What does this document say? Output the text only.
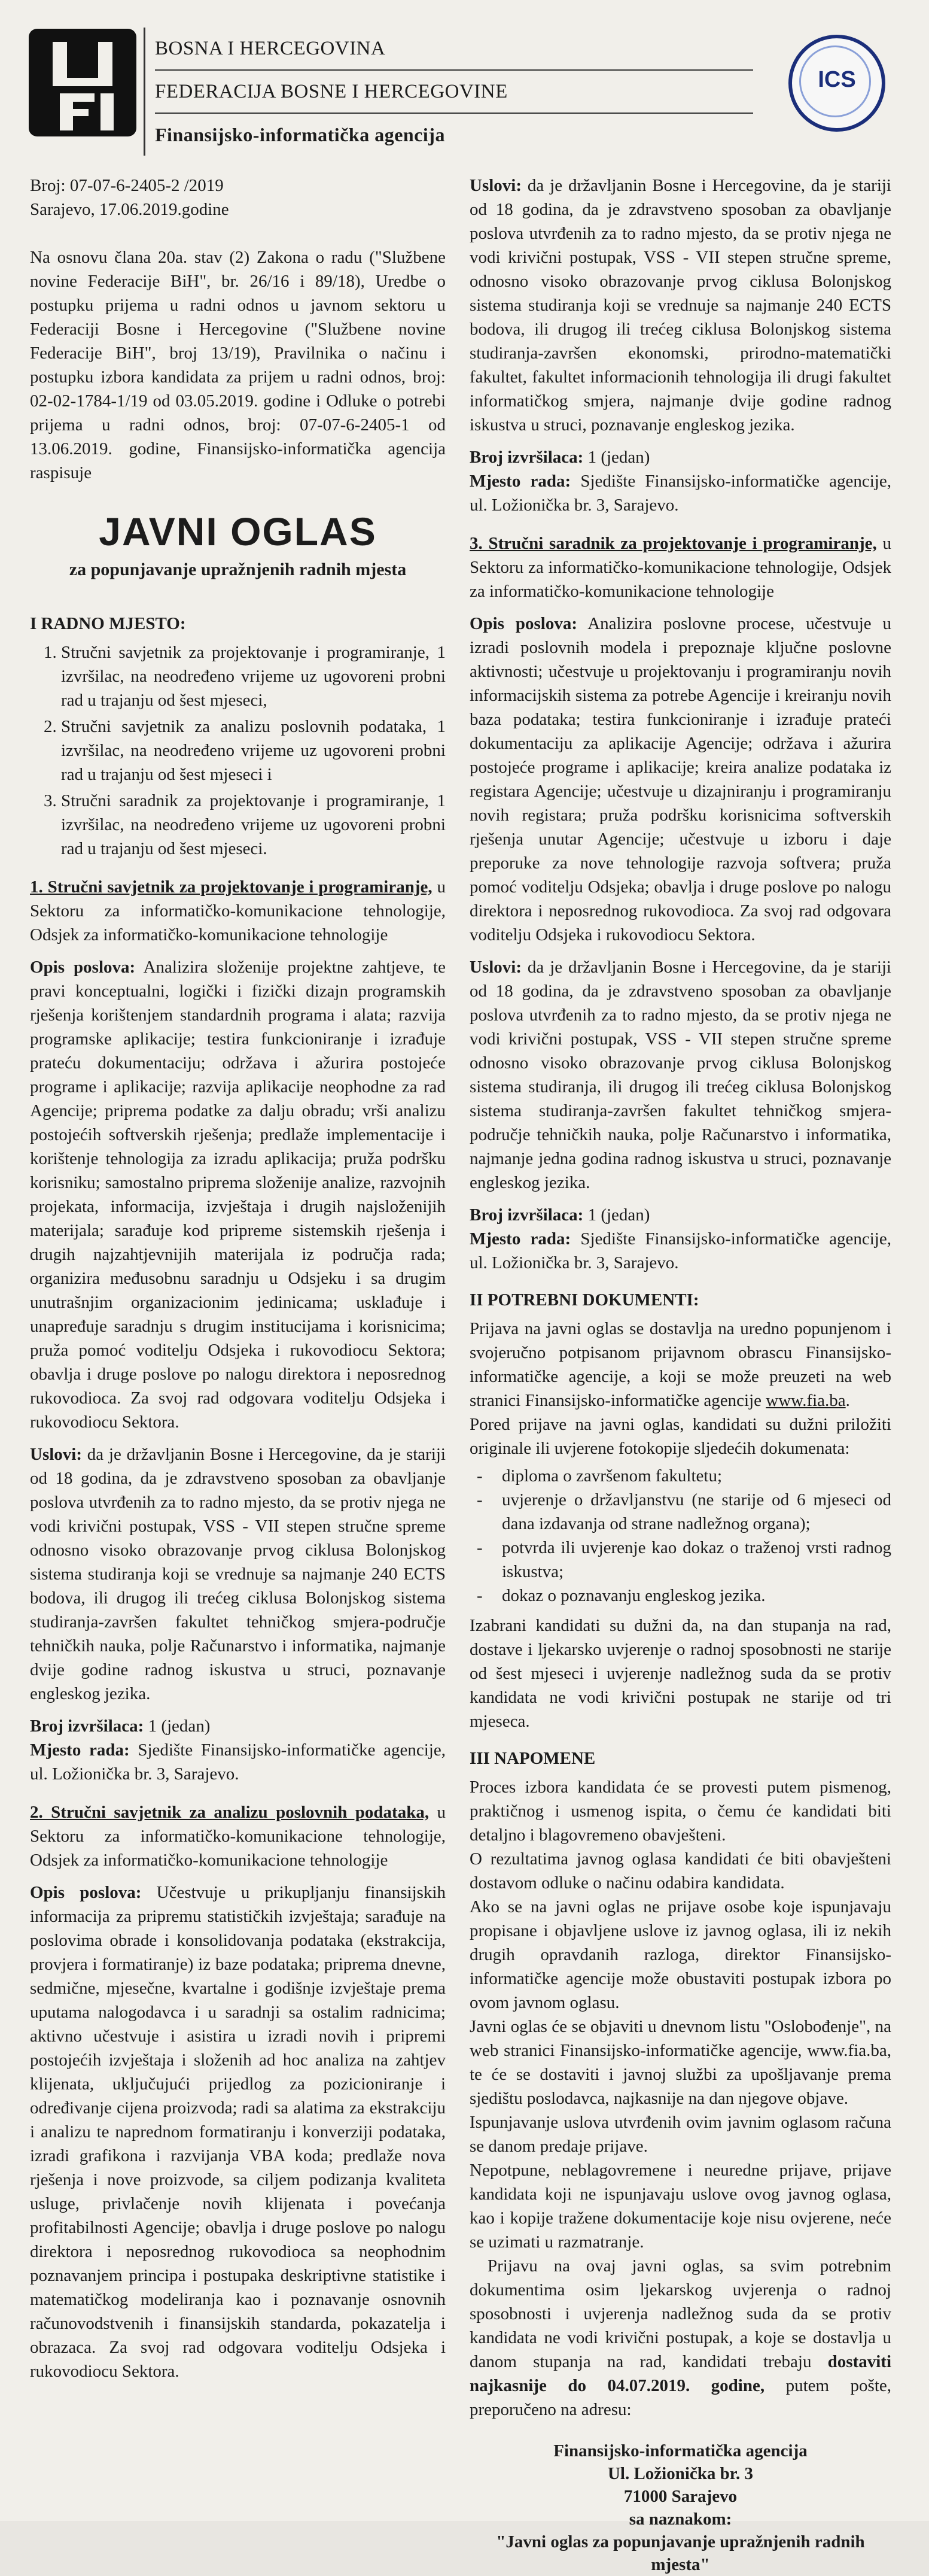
BOSNA I HERCEGOVINA
FEDERACIJA BOSNE I HERCEGOVINE
Finansijsko-informatička agencija
ICS

Broj: 07-07-6-2405-2 /2019

Sarajevo, 17.06.2019.godine

Na osnovu člana 20a. stav (2) Zakona o radu ("Službene novine Federacije BiH", br. 26/16 i 89/18), Uredbe o postupku prijema u radni odnos u javnom sektoru u Federaciji Bosne i Hercegovine ("Službene novine Federacije BiH", broj 13/19), Pravilnika o načinu i postupku izbora kandidata za prijem u radni odnos, broj: 02-02-1784-1/19 od 03.05.2019. godine i Odluke o potrebi prijema u radni odnos, broj: 07-07-6-2405-1 od 13.06.2019. godine, Finansijsko-informatička agencija raspisuje

JAVNI OGLAS
za popunjavanje upražnjenih radnih mjesta
I RADNO MJESTO:
1. Stručni savjetnik za projektovanje i programiranje, 1 izvršilac, na neodređeno vrijeme uz ugovoreni probni rad u trajanju od šest mjeseci,
2. Stručni savjetnik za analizu poslovnih podataka, 1 izvršilac, na neodređeno vrijeme uz ugovoreni probni rad u trajanju od šest mjeseci i
3. Stručni saradnik za projektovanje i programiranje, 1 izvršilac, na neodređeno vrijeme uz ugovoreni probni rad u trajanju od šest mjeseci.

1. Stručni savjetnik za projektovanje i programiranje, u Sektoru za informatičko-komunikacione tehnologije, Odsjek za informatičko-komunikacione tehnologije

Opis poslova: Analizira složenije projektne zahtjeve, te pravi konceptualni, logički i fizički dizajn programskih rješenja korištenjem standardnih programa i alata; razvija programske aplikacije; testira funkcioniranje i izrađuje prateću dokumentaciju; održava i ažurira postojeće programe i aplikacije; razvija aplikacije neophodne za rad Agencije; priprema podatke za dalju obradu; vrši analizu postojećih softverskih rješenja; predlaže implementacije i korištenje tehnologija za izradu aplikacija; pruža podršku korisniku; samostalno priprema složenije analize, razvojnih projekata, informacija, izvještaja i drugih najsloženijih materijala; sarađuje kod pripreme sistemskih rješenja i drugih najzahtjevnijih materijala iz područja rada; organizira međusobnu saradnju u Odsjeku i sa drugim unutrašnjim organizacionim jedinicama; usklađuje i unapređuje saradnju s drugim institucijama i korisnicima; pruža pomoć voditelju Odsjeka i rukovodiocu Sektora; obavlja i druge poslove po nalogu direktora i neposrednog rukovodioca. Za svoj rad odgovara voditelju Odsjeka i rukovodiocu Sektora.

Uslovi: da je državljanin Bosne i Hercegovine, da je stariji od 18 godina, da je zdravstveno sposoban za obavljanje poslova utvrđenih za to radno mjesto, da se protiv njega ne vodi krivični postupak, VSS - VII stepen stručne spreme odnosno visoko obrazovanje prvog ciklusa Bolonjskog sistema studiranja koji se vrednuje sa najmanje 240 ECTS bodova, ili drugog ili trećeg ciklusa Bolonjskog sistema studiranja-završen fakultet tehničkog smjera-područje tehničkih nauka, polje Računarstvo i informatika, najmanje dvije godine radnog iskustva u struci, poznavanje engleskog jezika.

Broj izvršilaca: 1 (jedan)

Mjesto rada: Sjedište Finansijsko-informatičke agencije, ul. Ložionička br. 3, Sarajevo.

2. Stručni savjetnik za analizu poslovnih podataka, u Sektoru za informatičko-komunikacione tehnologije, Odsjek za informatičko-komunikacione tehnologije

Opis poslova: Učestvuje u prikupljanju finansijskih informacija za pripremu statističkih izvještaja; sarađuje na poslovima obrade i konsolidovanja podataka (ekstrakcija, provjera i formatiranje) iz baze podataka; priprema dnevne, sedmične, mjesečne, kvartalne i godišnje izvještaje prema uputama nalogodavca i u saradnji sa ostalim radnicima; aktivno učestvuje i asistira u izradi novih i pripremi postojećih izvještaja i složenih ad hoc analiza na zahtjev klijenata, uključujući prijedlog za pozicioniranje i određivanje cijena proizvoda; radi sa alatima za ekstrakciju i analizu te naprednom formatiranju i konverziji podataka, izradi grafikona i razvijanja VBA koda; predlaže nova rješenja i nove proizvode, sa ciljem podizanja kvaliteta usluge, privlačenje novih klijenata i povećanja profitabilnosti Agencije; obavlja i druge poslove po nalogu direktora i neposrednog rukovodioca sa neophodnim poznavanjem principa i postupaka deskriptivne statistike i matematičkog modeliranja kao i poznavanje osnovnih računovodstvenih i finansijskih standarda, pokazatelja i obrazaca. Za svoj rad odgovara voditelju Odsjeka i rukovodiocu Sektora.

Uslovi: da je državljanin Bosne i Hercegovine, da je stariji od 18 godina, da je zdravstveno sposoban za obavljanje poslova utvrđenih za to radno mjesto, da se protiv njega ne vodi krivični postupak, VSS - VII stepen stručne spreme, odnosno visoko obrazovanje prvog ciklusa Bolonjskog sistema studiranja koji se vrednuje sa najmanje 240 ECTS bodova, ili drugog ili trećeg ciklusa Bolonjskog sistema studiranja-završen ekonomski, prirodno-matematički fakultet, fakultet informacionih tehnologija ili drugi fakultet informatičkog smjera, najmanje dvije godine radnog iskustva u struci, poznavanje engleskog jezika.

Broj izvršilaca: 1 (jedan)

Mjesto rada: Sjedište Finansijsko-informatičke agencije, ul. Ložionička br. 3, Sarajevo.

3. Stručni saradnik za projektovanje i programiranje, u Sektoru za informatičko-komunikacione tehnologije, Odsjek za informatičko-komunikacione tehnologije

Opis poslova: Analizira poslovne procese, učestvuje u izradi poslovnih modela i prepoznaje ključne poslovne aktivnosti; učestvuje u projektovanju i programiranju novih informacijskih sistema za potrebe Agencije i kreiranju novih baza podataka; testira funkcioniranje i izrađuje prateći dokumentaciju za aplikacije Agencije; održava i ažurira postojeće programe i aplikacije; kreira analize podataka iz registara Agencije; učestvuje u dizajniranju i programiranju novih registara; pruža podršku korisnicima softverskih rješenja unutar Agencije; učestvuje u izboru i daje preporuke za nove tehnologije razvoja softvera; pruža pomoć voditelju Odsjeka; obavlja i druge poslove po nalogu direktora i neposrednog rukovodioca. Za svoj rad odgovara voditelju Odsjeka i rukovodiocu Sektora.

Uslovi: da je državljanin Bosne i Hercegovine, da je stariji od 18 godina, da je zdravstveno sposoban za obavljanje poslova utvrđenih za to radno mjesto, da se protiv njega ne vodi krivični postupak, VSS - VII stepen stručne spreme odnosno visoko obrazovanje prvog ciklusa Bolonjskog sistema studiranja, ili drugog ili trećeg ciklusa Bolonjskog sistema studiranja-završen fakultet tehničkog smjera-područje tehničkih nauka, polje Računarstvo i informatika, najmanje jedna godina radnog iskustva u struci, poznavanje engleskog jezika.

Broj izvršilaca: 1 (jedan)

Mjesto rada: Sjedište Finansijsko-informatičke agencije, ul. Ložionička br. 3, Sarajevo.

II POTREBNI DOKUMENTI:

Prijava na javni oglas se dostavlja na uredno popunjenom i svojeručno potpisanom prijavnom obrascu Finansijsko-informatičke agencije, a koji se može preuzeti na web stranici Finansijsko-informatičke agencije www.fia.ba.

Pored prijave na javni oglas, kandidati su dužni priložiti originale ili uvjerene fotokopije sljedećih dokumenata:

- diploma o završenom fakultetu;
- uvjerenje o državljanstvu (ne starije od 6 mjeseci od dana izdavanja od strane nadležnog organa);
- potvrda ili uvjerenje kao dokaz o traženoj vrsti radnog iskustva;
- dokaz o poznavanju engleskog jezika.

Izabrani kandidati su dužni da, na dan stupanja na rad, dostave i ljekarsko uvjerenje o radnoj sposobnosti ne starije od šest mjeseci i uvjerenje nadležnog suda da se protiv kandidata ne vodi krivični postupak ne starije od tri mjeseca.

III NAPOMENE

Proces izbora kandidata će se provesti putem pismenog, praktičnog i usmenog ispita, o čemu će kandidati biti detaljno i blagovremeno obavješteni.

O rezultatima javnog oglasa kandidati će biti obavješteni dostavom odluke o načinu odabira kandidata.

Ako se na javni oglas ne prijave osobe koje ispunjavaju propisane i objavljene uslove iz javnog oglasa, ili iz nekih drugih opravdanih razloga, direktor Finansijsko-informatičke agencije može obustaviti postupak izbora po ovom javnom oglasu.

Javni oglas će se objaviti u dnevnom listu "Oslobođenje", na web stranici Finansijsko-informatičke agencije, www.fia.ba, te će se dostaviti i javnoj službi za upošljavanje prema sjedištu poslodavca, najkasnije na dan njegove objave.

Ispunjavanje uslova utvrđenih ovim javnim oglasom računa se danom predaje prijave.

Nepotpune, neblagovremene i neuredne prijave, prijave kandidata koji ne ispunjavaju uslove ovog javnog oglasa, kao i kopije tražene dokumentacije koje nisu ovjerene, neće se uzimati u razmatranje.

Prijavu na ovaj javni oglas, sa svim potrebnim dokumentima osim ljekarskog uvjerenja o radnoj sposobnosti i uvjerenja nadležnog suda da se protiv kandidata ne vodi krivični postupak, a koje se dostavlja u danom stupanja na rad, kandidati trebaju dostaviti najkasnije do 04.07.2019. godine, putem pošte, preporučeno na adresu:

Finansijsko-informatička agencija
Ul. Ložionička br. 3
71000 Sarajevo
sa naznakom:
"Javni oglas za popunjavanje upražnjenih radnih mjesta"
